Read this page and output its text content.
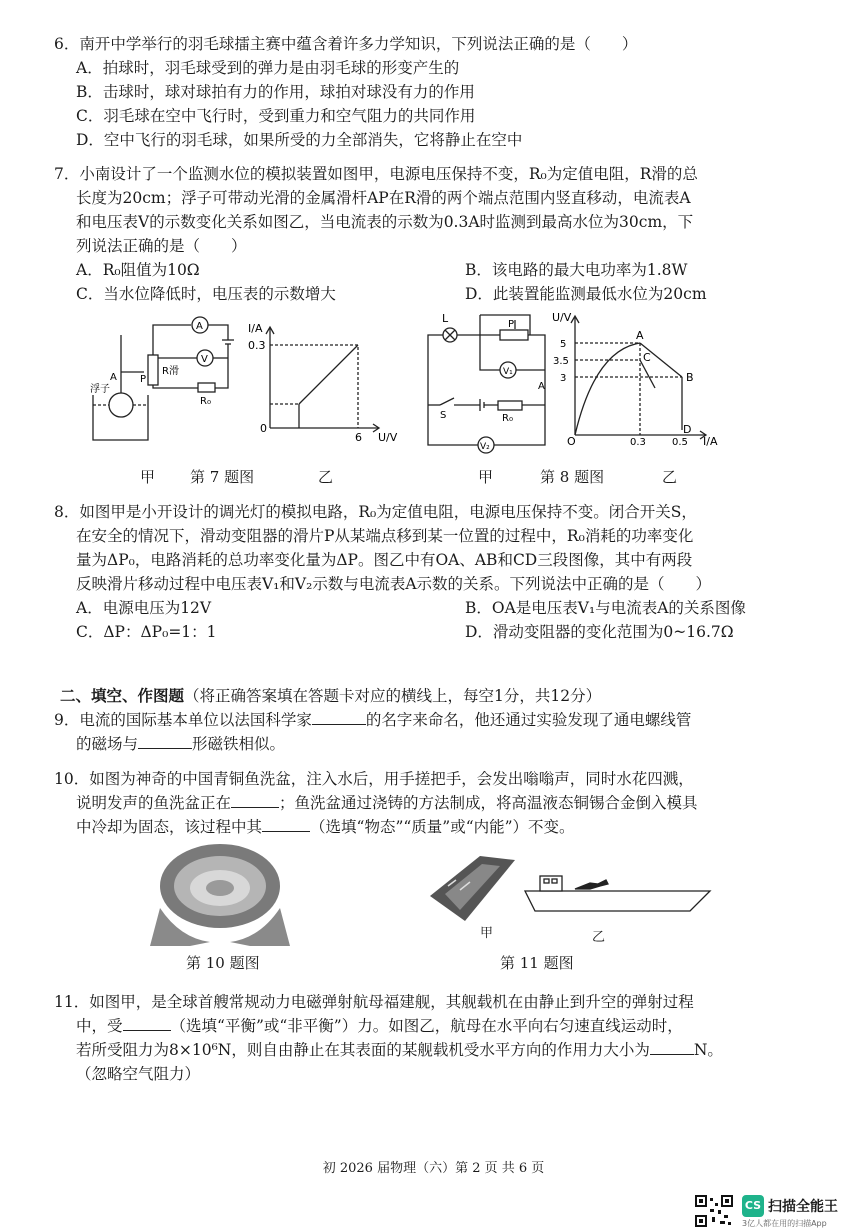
6．南开中学举行的羽毛球擂主赛中蕴含着许多力学知识，下列说法正确的是（　　）

A．拍球时，羽毛球受到的弹力是由羽毛球的形变产生的

B．击球时，球对球拍有力的作用，球拍对球没有力的作用

C．羽毛球在空中飞行时，受到重力和空气阻力的共同作用

D．空中飞行的羽毛球，如果所受的力全部消失，它将静止在空中

7．小南设计了一个监测水位的模拟装置如图甲，电源电压保持不变，R₀为定值电阻，R滑的总

长度为20cm；浮子可带动光滑的金属滑杆AP在R滑的两个端点范围内竖直移动，电流表A

和电压表V的示数变化关系如图乙，当电流表的示数为0.3A时监测到最高水位为30cm，下

列说法正确的是（　　）

A．R₀阻值为10Ω	B．该电路的最大电功率为1.8W

C．当水位降低时，电压表的示数增大	D．此装置能监测最低水位为20cm

A
浮子
P
A
V
R滑
R₀
I/A
0.3
0
6 U/V
L	P
V₁
A
S	R₀
V₂
U/V
5
3.5
3
O	0.3	0.5 I/A
A
B
C
D
甲 第 7 题图	乙	甲	第 8 题图	乙

8．如图甲是小开设计的调光灯的模拟电路，R₀为定值电阻，电源电压保持不变。闭合开关S，

在安全的情况下，滑动变阻器的滑片P从某端点移到某一位置的过程中，R₀消耗的功率变化

量为ΔP₀，电路消耗的总功率变化量为ΔP。图乙中有OA、AB和CD三段图像，其中有两段

反映滑片移动过程中电压表V₁和V₂示数与电流表A示数的关系。下列说法中正确的是（　　）

A．电源电压为12V	B．OA是电压表V₁与电流表A的关系图像

C．ΔP：ΔP₀=1：1	D．滑动变阻器的变化范围为0~16.7Ω

二、填空、作图题（将正确答案填在答题卡对应的横线上，每空1分，共12分）

9．电流的国际基本单位以法国科学家	的名字来命名，他还通过实验发现了通电螺线管

的磁场与	形磁铁相似。

10．如图为神奇的中国青铜鱼洗盆，注入水后，用手搓把手，会发出嗡嗡声，同时水花四溅，

说明发声的鱼洗盆正在	；鱼洗盆通过浇铸的方法制成，将高温液态铜锡合金倒入模具

中冷却为固态，该过程中其	（选填“物态”“质量”或“内能”）不变。

第 10 题图
甲	乙
第 11 题图

11．如图甲，是全球首艘常规动力电磁弹射航母福建舰，其舰载机在由静止到升空的弹射过程

中，受	（选填“平衡”或“非平衡”）力。如图乙，航母在水平向右匀速直线运动时，

若所受阻力为8×10⁶N，则自由静止在其表面的某舰载机受水平方向的作用力大小为	N。

（忽略空气阻力）

初 2026 届物理（六）第 2 页 共 6 页
CS 扫描全能王
3亿人都在用的扫描App
